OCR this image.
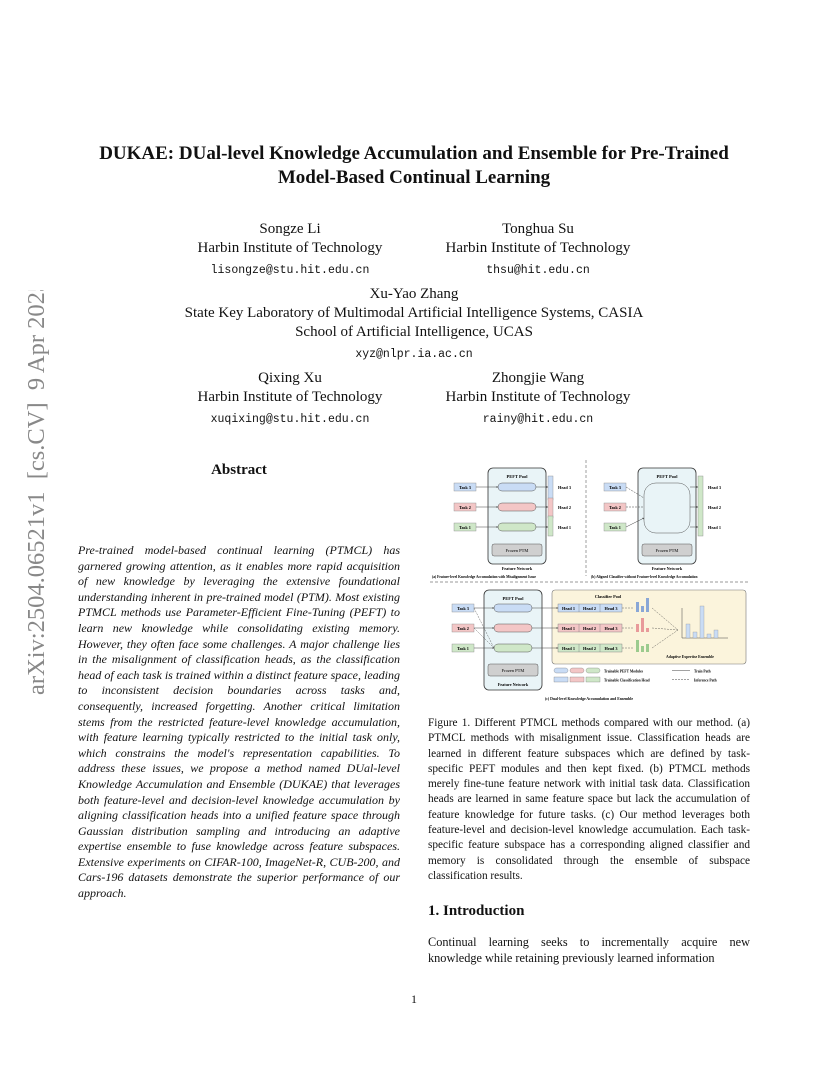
arXiv:2504.06521v1  [cs.CV]  9 Apr 2025
DUKAE: DUal-level Knowledge Accumulation and Ensemble for Pre-Trained Model-Based Continual Learning
Songze Li
Harbin Institute of Technology
lisongze@stu.hit.edu.cn
Tonghua Su
Harbin Institute of Technology
thsu@hit.edu.cn
Xu-Yao Zhang
State Key Laboratory of Multimodal Artificial Intelligence Systems, CASIA
School of Artificial Intelligence, UCAS
xyz@nlpr.ia.ac.cn
Qixing Xu
Harbin Institute of Technology
xuqixing@stu.hit.edu.cn
Zhongjie Wang
Harbin Institute of Technology
rainy@hit.edu.cn
Abstract
Pre-trained model-based continual learning (PTMCL) has garnered growing attention, as it enables more rapid acquisition of new knowledge by leveraging the extensive foundational understanding inherent in pre-trained model (PTM). Most existing PTMCL methods use Parameter-Efficient Fine-Tuning (PEFT) to learn new knowledge while consolidating existing memory. However, they often face some challenges. A major challenge lies in the misalignment of classification heads, as the classification head of each task is trained within a distinct feature space, leading to inconsistent decision boundaries across tasks and, consequently, increased forgetting. Another critical limitation stems from the restricted feature-level knowledge accumulation, with feature learning typically restricted to the initial task only, which constrains the model's representation capabilities. To address these issues, we propose a method named DUal-level Knowledge Accumulation and Ensemble (DUKAE) that leverages both feature-level and decision-level knowledge accumulation by aligning classification heads into a unified feature space through Gaussian distribution sampling and introducing an adaptive expertise ensemble to fuse knowledge across feature subspaces. Extensive experiments on CIFAR-100, ImageNet-R, CUB-200, and Cars-196 datasets demonstrate the superior performance of our approach.
PEFT Pool
Frozen PTM
Feature Network
Task 3
Task 2
Task 1
Head 3
Head 2
Head 1
(a) Feature-level Knowledge Accumulation with Misalignment Issue
PEFT Pool
Frozen PTM
Feature Network
Task 3
Task 2
Task 1
Head 3
Head 2
Head 1
(b) Aligned Classifier without Feature-level Knowledge Accumulation
PEFT Pool
Frozen PTM
Feature Network
Task 3
Task 2
Task 1
Classifier Pool
Head 1 Head 2 Head 3
Head 1 Head 2 Head 3
Head 1 Head 2 Head 3
Adaptive Expertise Ensemble
Trainable PEFT Modules
Trainable Classification Head
Train Path
Inference Path
(c) Dual-level Knowledge Accumulation and Ensemble
Figure 1. Different PTMCL methods compared with our method. (a) PTMCL methods with misalignment issue. Classification heads are learned in different feature subspaces which are defined by task-specific PEFT modules and then kept fixed. (b) PTMCL methods merely fine-tune feature network with initial task data. Classification heads are learned in same feature space but lack the accumulation of feature knowledge for future tasks. (c) Our method leverages both feature-level and decision-level knowledge accumulation. Each task-specific feature subspace has a corresponding aligned classifier and memory is consolidated through the ensemble of subspace classification results.
1. Introduction
Continual learning seeks to incrementally acquire new knowledge while retaining previously learned information
1
